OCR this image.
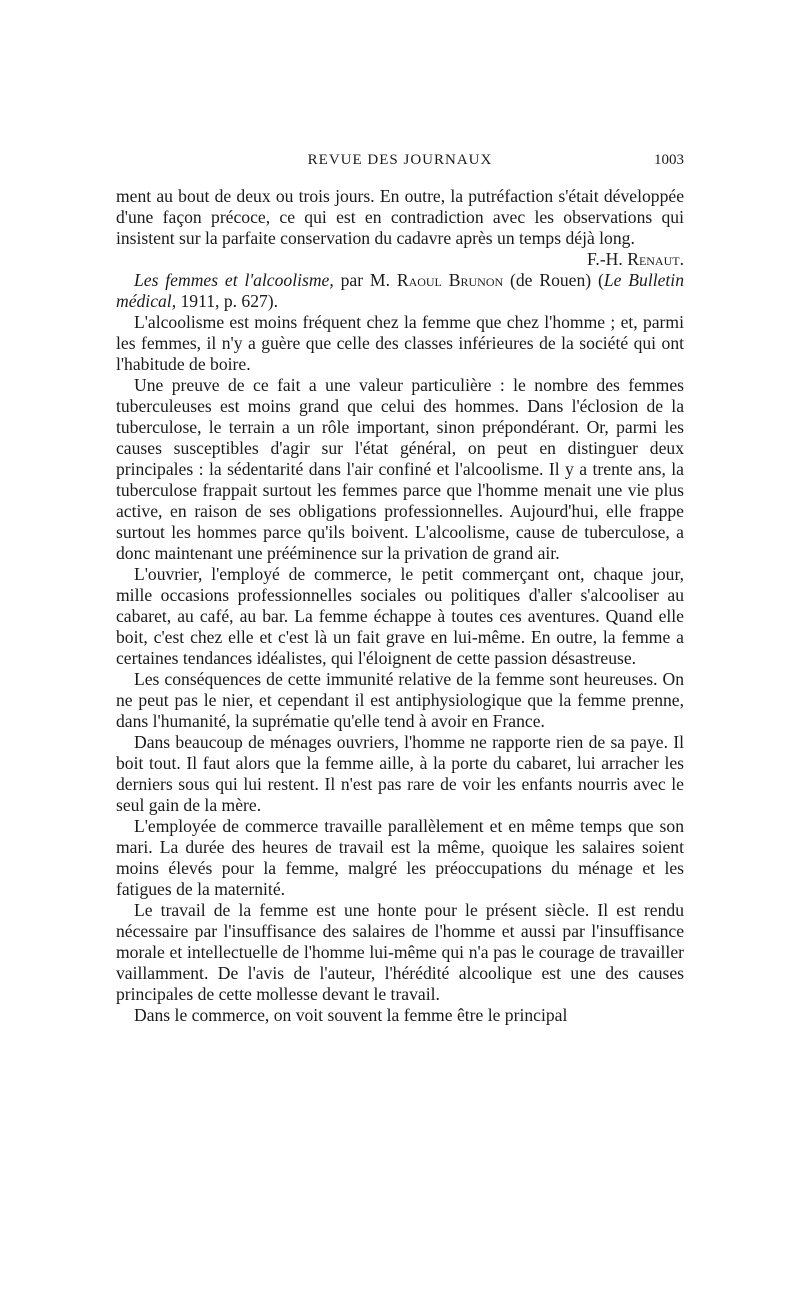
REVUE DES JOURNAUX	1003

ment au bout de deux ou trois jours. En outre, la putréfaction s'était développée d'une façon précoce, ce qui est en contradiction avec les observations qui insistent sur la parfaite conservation du cadavre après un temps déjà long.

F.-H. Renaut.

Les femmes et l'alcoolisme, par M. Raoul Brunon (de Rouen) (Le Bulletin médical, 1911, p. 627).

L'alcoolisme est moins fréquent chez la femme que chez l'homme ; et, parmi les femmes, il n'y a guère que celle des classes inférieures de la société qui ont l'habitude de boire.

Une preuve de ce fait a une valeur particulière : le nombre des femmes tuberculeuses est moins grand que celui des hommes. Dans l'éclosion de la tuberculose, le terrain a un rôle important, sinon prépondérant. Or, parmi les causes susceptibles d'agir sur l'état général, on peut en distinguer deux principales : la sédentarité dans l'air confiné et l'alcoolisme. Il y a trente ans, la tuberculose frappait surtout les femmes parce que l'homme menait une vie plus active, en raison de ses obligations professionnelles. Aujourd'hui, elle frappe surtout les hommes parce qu'ils boivent. L'alcoolisme, cause de tuberculose, a donc maintenant une prééminence sur la privation de grand air.

L'ouvrier, l'employé de commerce, le petit commerçant ont, chaque jour, mille occasions professionnelles sociales ou politiques d'aller s'alcooliser au cabaret, au café, au bar. La femme échappe à toutes ces aventures. Quand elle boit, c'est chez elle et c'est là un fait grave en lui-même. En outre, la femme a certaines tendances idéalistes, qui l'éloignent de cette passion désastreuse.

Les conséquences de cette immunité relative de la femme sont heureuses. On ne peut pas le nier, et cependant il est antiphysiologique que la femme prenne, dans l'humanité, la suprématie qu'elle tend à avoir en France.

Dans beaucoup de ménages ouvriers, l'homme ne rapporte rien de sa paye. Il boit tout. Il faut alors que la femme aille, à la porte du cabaret, lui arracher les derniers sous qui lui restent. Il n'est pas rare de voir les enfants nourris avec le seul gain de la mère.

L'employée de commerce travaille parallèlement et en même temps que son mari. La durée des heures de travail est la même, quoique les salaires soient moins élevés pour la femme, malgré les préoccupations du ménage et les fatigues de la maternité.

Le travail de la femme est une honte pour le présent siècle. Il est rendu nécessaire par l'insuffisance des salaires de l'homme et aussi par l'insuffisance morale et intellectuelle de l'homme lui-même qui n'a pas le courage de travailler vaillamment. De l'avis de l'auteur, l'hérédité alcoolique est une des causes principales de cette mollesse devant le travail.

Dans le commerce, on voit souvent la femme être le principal
